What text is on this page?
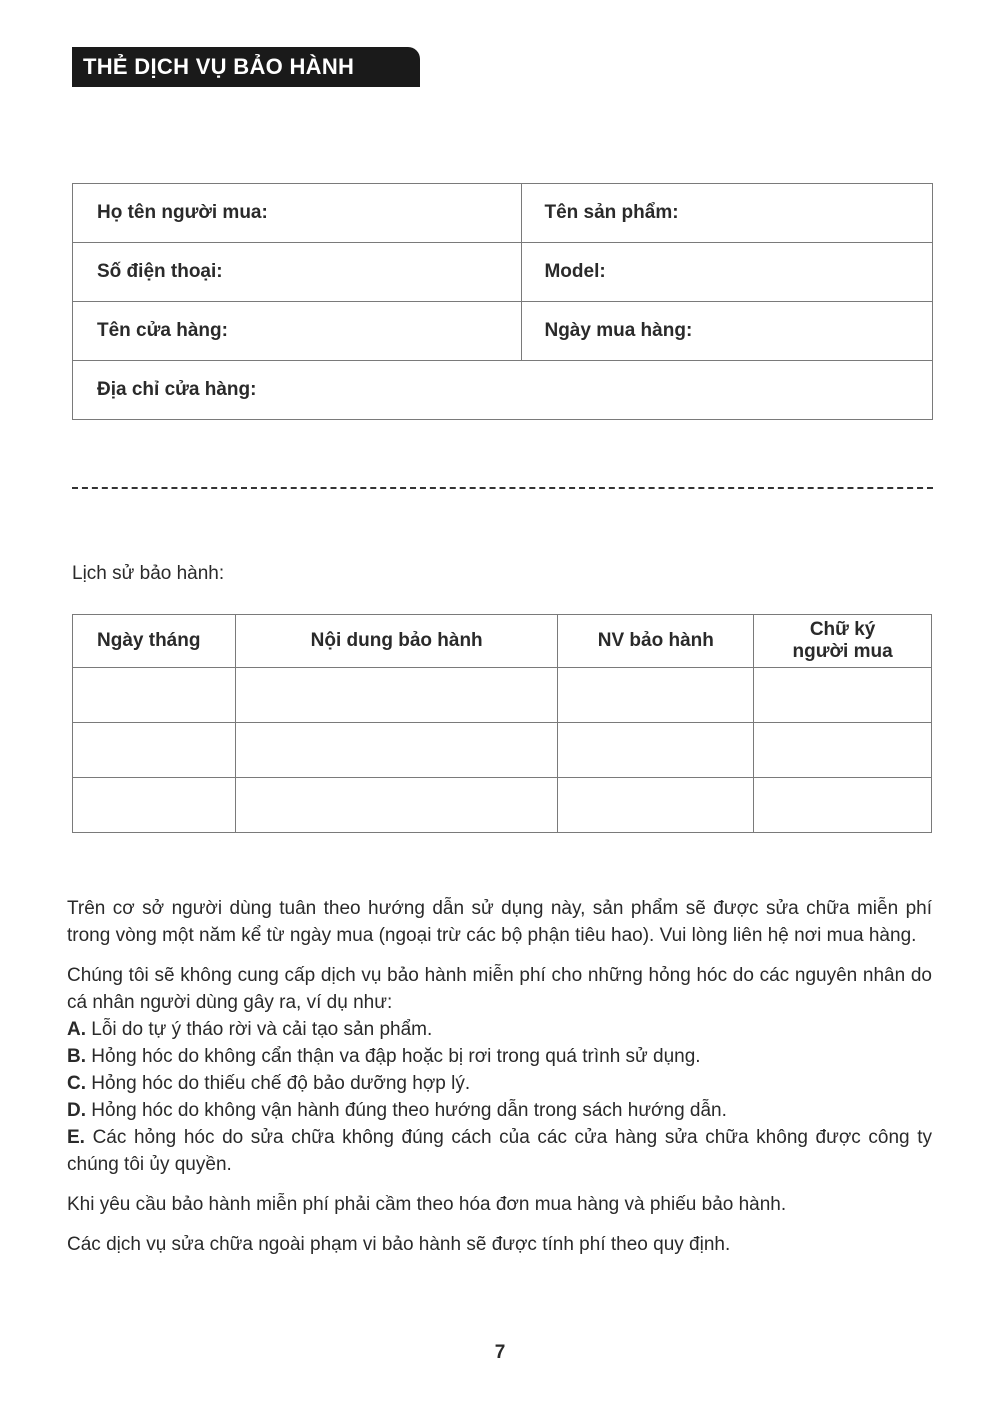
THẺ DỊCH VỤ BẢO HÀNH
Họ tên người mua:	Tên sản phẩm:
Số điện thoại:	Model:
Tên cửa hàng:	Ngày mua hàng:
Địa chỉ cửa hàng:	
Lịch sử bảo hành:
Ngày tháng	Nội dung bảo hành	NV bảo hành	Chữ ký
người mua

Trên cơ sở người dùng tuân theo hướng dẫn sử dụng này, sản phẩm sẽ được sửa chữa miễn phí trong vòng một năm kể từ ngày mua (ngoại trừ các bộ phận tiêu hao). Vui lòng liên hệ nơi mua hàng.

Chúng tôi sẽ không cung cấp dịch vụ bảo hành miễn phí cho những hỏng hóc do các nguyên nhân do cá nhân người dùng gây ra, ví dụ như:
A. Lỗi do tự ý tháo rời và cải tạo sản phẩm.
B. Hỏng hóc do không cẩn thận va đập hoặc bị rơi trong quá trình sử dụng.
C. Hỏng hóc do thiếu chế độ bảo dưỡng hợp lý.
D. Hỏng hóc do không vận hành đúng theo hướng dẫn trong sách hướng dẫn.
E. Các hỏng hóc do sửa chữa không đúng cách của các cửa hàng sửa chữa không được công ty chúng tôi ủy quyền.

Khi yêu cầu bảo hành miễn phí phải cầm theo hóa đơn mua hàng và phiếu bảo hành.

Các dịch vụ sửa chữa ngoài phạm vi bảo hành sẽ được tính phí theo quy định.

7
